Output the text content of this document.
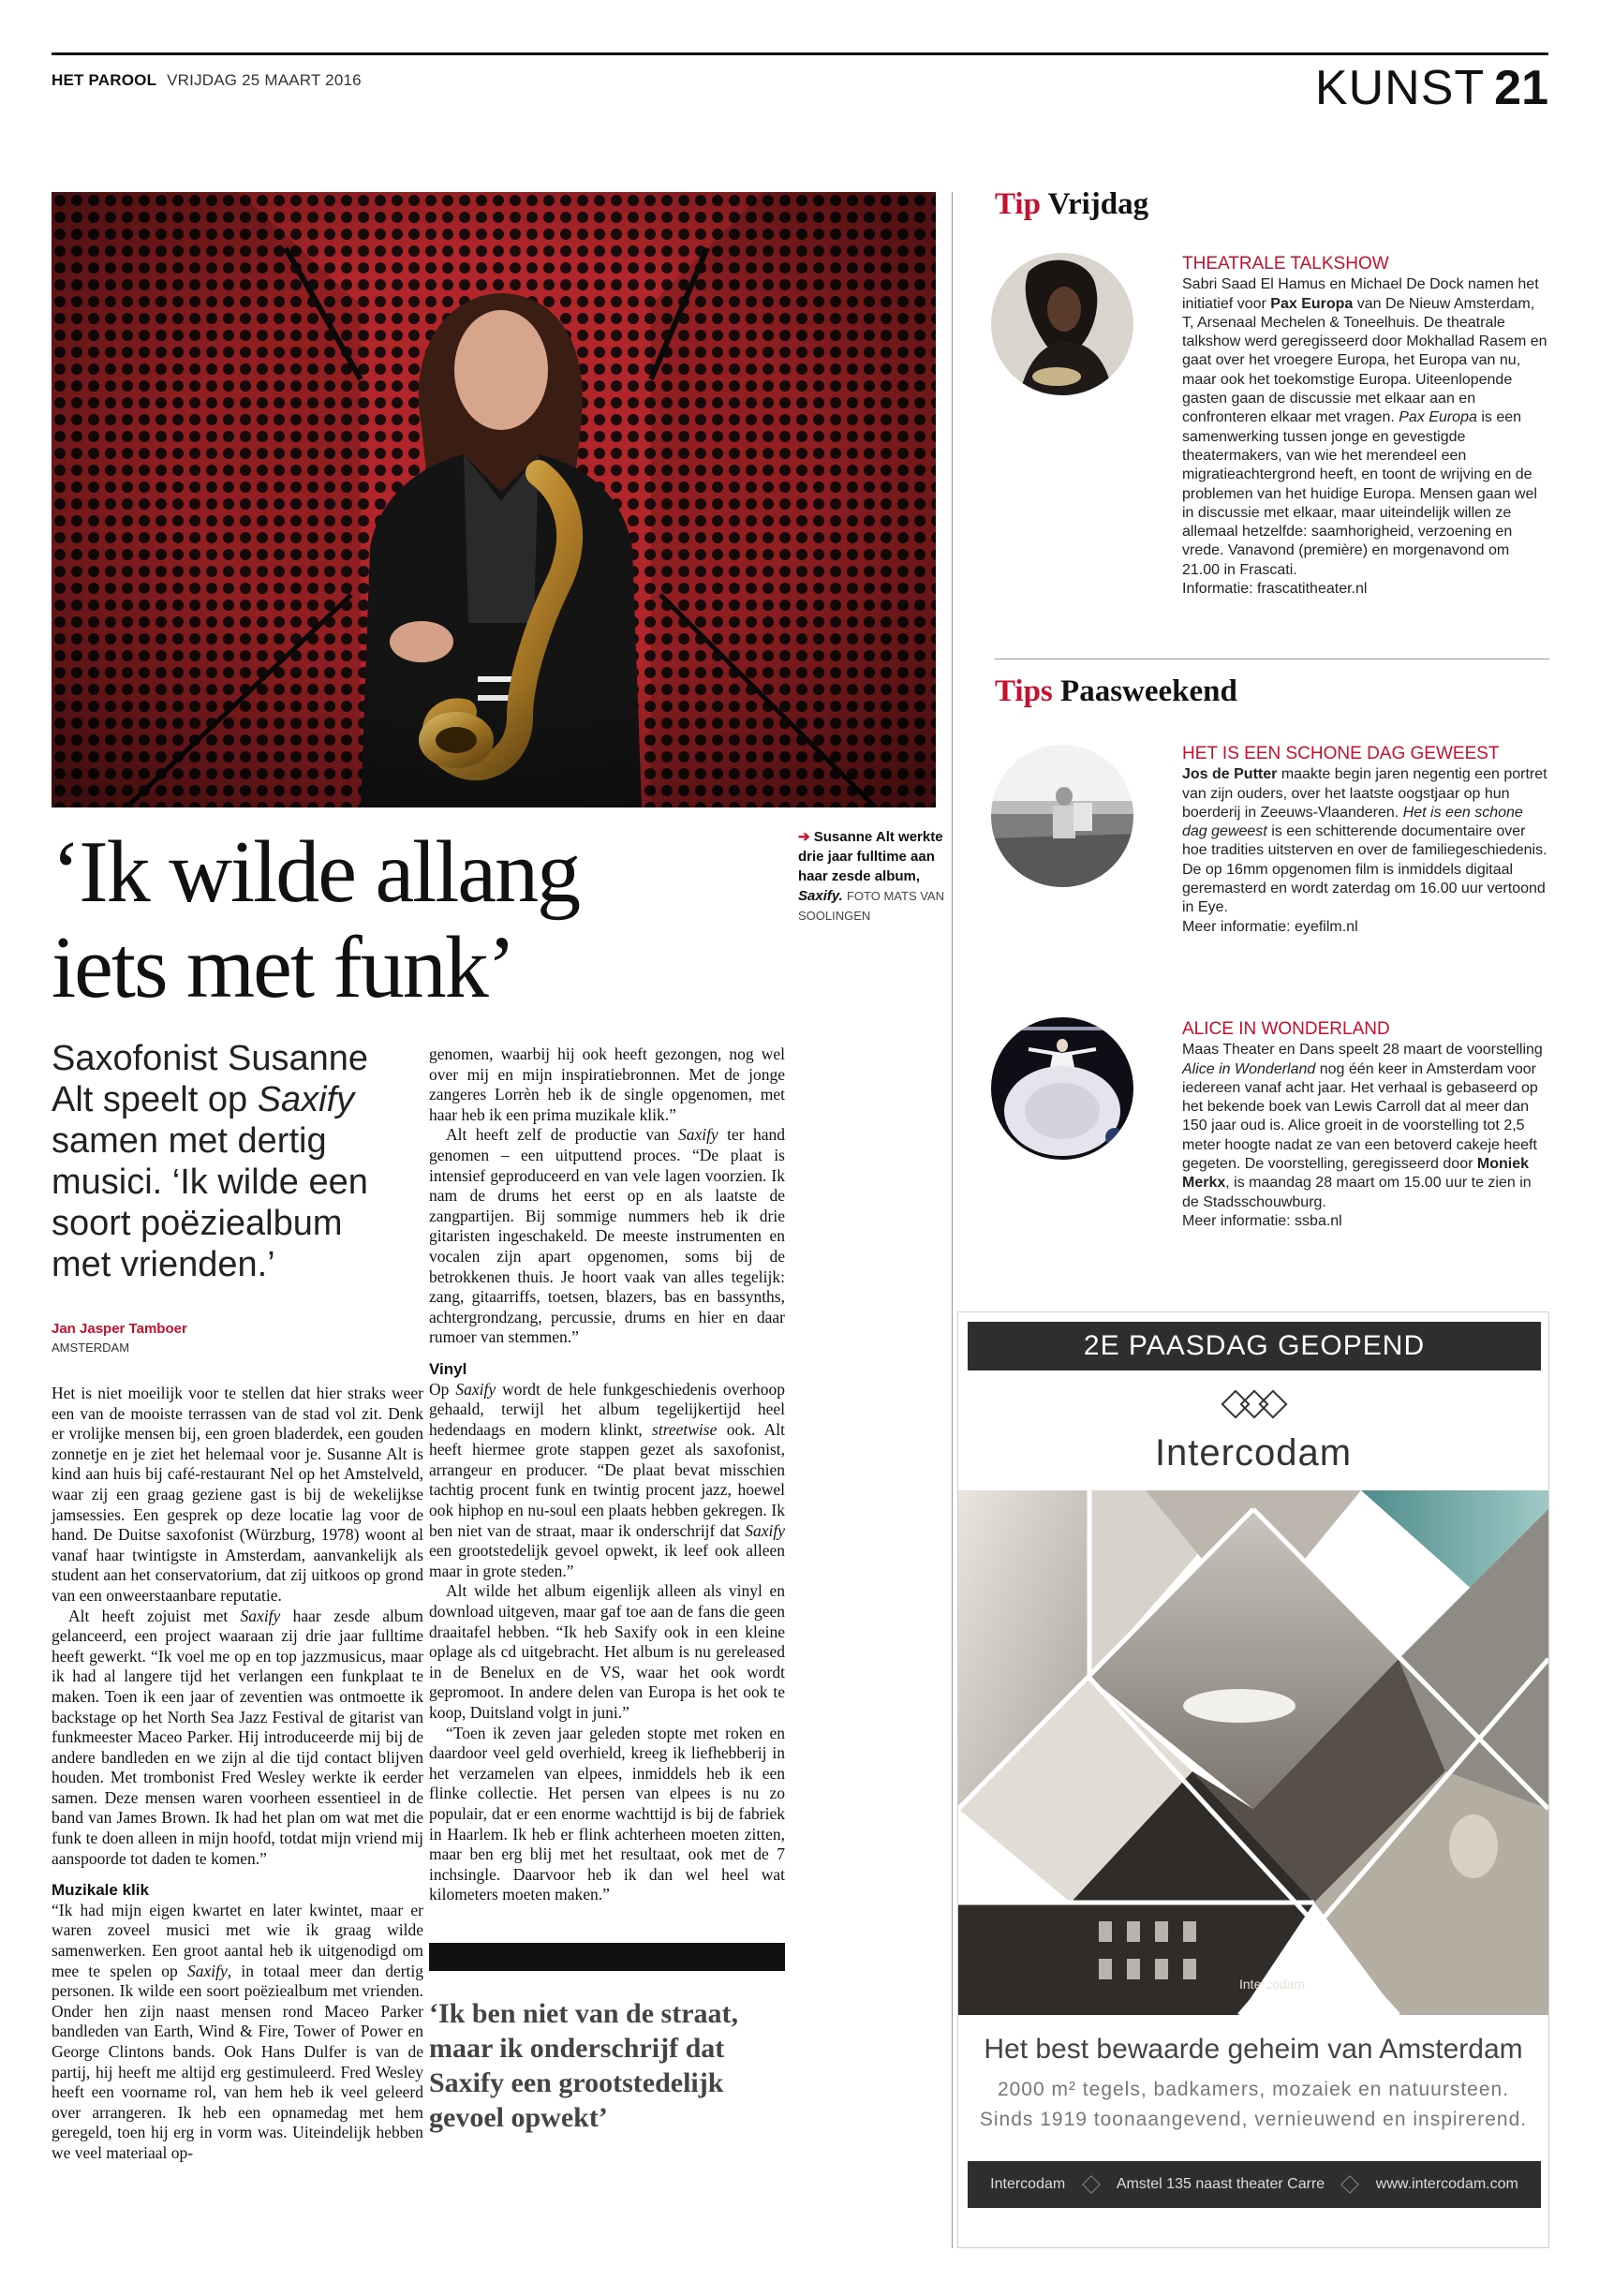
HET PAROOL VRIJDAG 25 MAART 2016	KUNST 21
‘Ik wilde allang
iets met funk’
➔ Susanne Alt werkte drie jaar fulltime aan haar zesde album, Saxify. FOTO MATS VAN SOOLINGEN
Saxofonist Susanne Alt speelt op Saxify samen met dertig musici. ‘Ik wilde een soort poëziealbum met vrienden.’
Jan Jasper Tamboer
AMSTERDAM

Het is niet moeilijk voor te stellen dat hier straks weer een van de mooiste terrassen van de stad vol zit. Denk er vrolijke mensen bij, een groen bladerdek, een gouden zonnetje en je ziet het helemaal voor je. Susanne Alt is kind aan huis bij café-restaurant Nel op het Amstelveld, waar zij een graag geziene gast is bij de wekelijkse jamsessies. Een gesprek op deze locatie lag voor de hand. De Duitse saxofonist (Würzburg, 1978) woont al vanaf haar twintigste in Amsterdam, aanvankelijk als student aan het conservatorium, dat zij uitkoos op grond van een onweerstaanbare reputatie.

Alt heeft zojuist met Saxify haar zesde album gelanceerd, een project waaraan zij drie jaar fulltime heeft gewerkt. “Ik voel me op en top jazzmusicus, maar ik had al langere tijd het verlangen een funkplaat te maken. Toen ik een jaar of zeventien was ontmoette ik backstage op het North Sea Jazz Festival de gitarist van funkmeester Maceo Parker. Hij introduceerde mij bij de andere bandleden en we zijn al die tijd contact blijven houden. Met trombonist Fred Wesley werkte ik eerder samen. Deze mensen waren voorheen essentieel in de band van James Brown. Ik had het plan om wat met die funk te doen alleen in mijn hoofd, totdat mijn vriend mij aanspoorde tot daden te komen.”

Muzikale klik

“Ik had mijn eigen kwartet en later kwintet, maar er waren zoveel musici met wie ik graag wilde samenwerken. Een groot aantal heb ik uitgenodigd om mee te spelen op Saxify, in totaal meer dan dertig personen. Ik wilde een soort poëziealbum met vrienden. Onder hen zijn naast mensen rond Maceo Parker bandleden van Earth, Wind & Fire, Tower of Power en George Clintons bands. Ook Hans Dulfer is van de partij, hij heeft me altijd erg gestimuleerd. Fred Wesley heeft een voorname rol, van hem heb ik veel geleerd over arrangeren. Ik heb een opnamedag met hem geregeld, toen hij erg in vorm was. Uiteindelijk hebben we veel materiaal op-

genomen, waarbij hij ook heeft gezongen, nog wel over mij en mijn inspiratiebronnen. Met de jonge zangeres Lorrèn heb ik de single opgenomen, met haar heb ik een prima muzikale klik.”

Alt heeft zelf de productie van Saxify ter hand genomen – een uitputtend proces. “De plaat is intensief geproduceerd en van vele lagen voorzien. Ik nam de drums het eerst op en als laatste de zangpartijen. Bij sommige nummers heb ik drie gitaristen ingeschakeld. De meeste instrumenten en vocalen zijn apart opgenomen, soms bij de betrokkenen thuis. Je hoort vaak van alles tegelijk: zang, gitaarriffs, toetsen, blazers, bas en bassynths, achtergrondzang, percussie, drums en hier en daar rumoer van stemmen.”

Vinyl

Op Saxify wordt de hele funkgeschiedenis overhoop gehaald, terwijl het album tegelijkertijd heel hedendaags en modern klinkt, streetwise ook. Alt heeft hiermee grote stappen gezet als saxofonist, arrangeur en producer. “De plaat bevat misschien tachtig procent funk en twintig procent jazz, hoewel ook hiphop en nu-soul een plaats hebben gekregen. Ik ben niet van de straat, maar ik onderschrijf dat Saxify een grootstedelijk gevoel opwekt, ik leef ook alleen maar in grote steden.”

Alt wilde het album eigenlijk alleen als vinyl en download uitgeven, maar gaf toe aan de fans die geen draaitafel hebben. “Ik heb Saxify ook in een kleine oplage als cd uitgebracht. Het album is nu gereleased in de Benelux en de VS, waar het ook wordt gepromoot. In andere delen van Europa is het ook te koop, Duitsland volgt in juni.”

“Toen ik zeven jaar geleden stopte met roken en daardoor veel geld overhield, kreeg ik liefhebberij in het verzamelen van elpees, inmiddels heb ik een flinke collectie. Het persen van elpees is nu zo populair, dat er een enorme wachttijd is bij de fabriek in Haarlem. Ik heb er flink achterheen moeten zitten, maar ben erg blij met het resultaat, ook met de 7 inchsingle. Daarvoor heb ik dan wel heel wat kilometers moeten maken.”

‘Ik ben niet van de straat, maar ik onderschrijf dat Saxify een grootstedelijk gevoel opwekt’
Tip Vrijdag
THEATRALE TALKSHOW
Sabri Saad El Hamus en Michael De Dock namen het initiatief voor Pax Europa van De Nieuw Amsterdam, T, Arsenaal Mechelen & Toneelhuis. De theatrale talkshow werd geregisseerd door Mokhallad Rasem en gaat over het vroegere Europa, het Europa van nu, maar ook het toekomstige Europa. Uiteenlopende gasten gaan de discussie met elkaar aan en confronteren elkaar met vragen. Pax Europa is een samenwerking tussen jonge en gevestigde theatermakers, van wie het merendeel een migratieachtergrond heeft, en toont de wrijving en de problemen van het huidige Europa. Mensen gaan wel in discussie met elkaar, maar uiteindelijk willen ze allemaal hetzelfde: saamhorigheid, verzoening en vrede. Vanavond (première) en morgenavond om 21.00 in Frascati.
Informatie: frascatitheater.nl
Tips Paasweekend
HET IS EEN SCHONE DAG GEWEEST
Jos de Putter maakte begin jaren negentig een portret van zijn ouders, over het laatste oogstjaar op hun boerderij in Zeeuws-Vlaanderen. Het is een schone dag geweest is een schitterende documentaire over hoe tradities uitsterven en over de familiegeschiedenis. De op 16mm opgenomen film is inmiddels digitaal geremasterd en wordt zaterdag om 16.00 uur vertoond in Eye.
Meer informatie: eyefilm.nl
ALICE IN WONDERLAND
Maas Theater en Dans speelt 28 maart de voorstelling Alice in Wonderland nog één keer in Amsterdam voor iedereen vanaf acht jaar. Het verhaal is gebaseerd op het bekende boek van Lewis Carroll dat al meer dan 150 jaar oud is. Alice groeit in de voorstelling tot 2,5 meter hoogte nadat ze van een betoverd cakeje heeft gegeten. De voorstelling, geregisseerd door Moniek Merkx, is maandag 28 maart om 15.00 uur te zien in de Stadsschouwburg.
Meer informatie: ssba.nl
2E PAASDAG GEOPEND
Intercodam
Intercodam
Het best bewaarde geheim van Amsterdam
2000 m² tegels, badkamers, mozaiek en natuursteen.
Sinds 1919 toonaangevend, vernieuwend en inspirerend.
Intercodam	Amstel 135 naast theater Carre	www.intercodam.com
